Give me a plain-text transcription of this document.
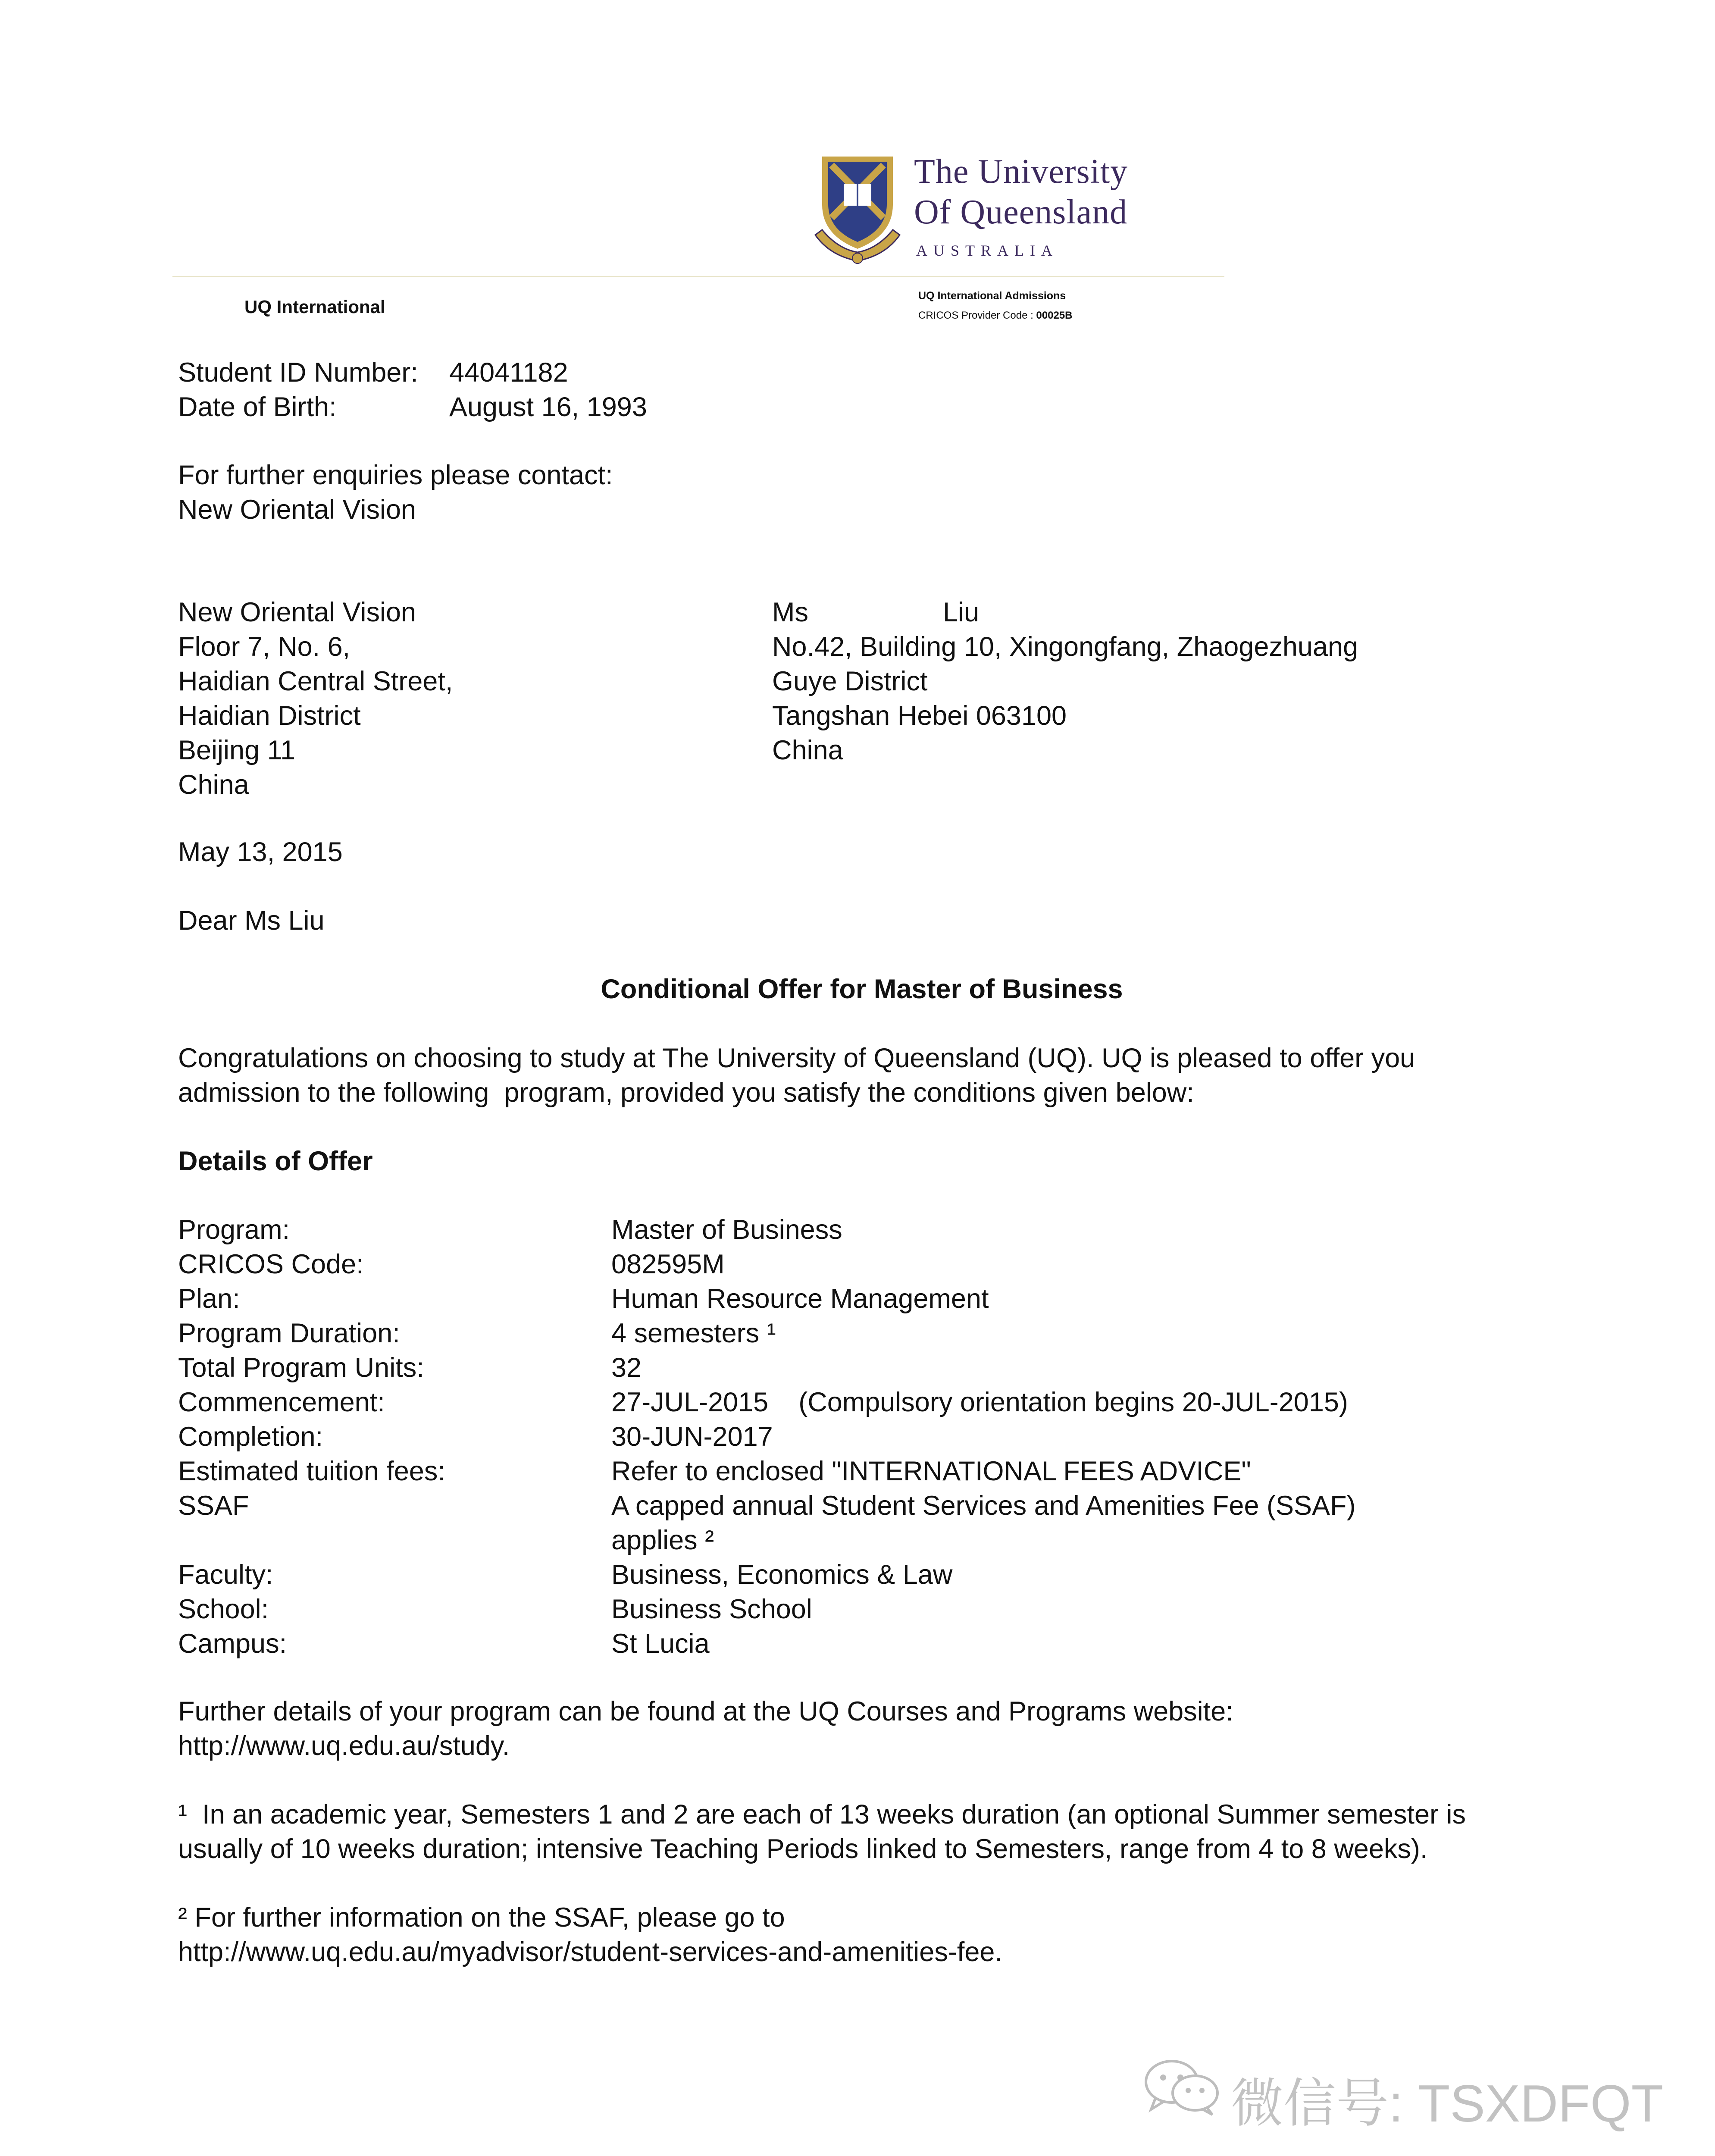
The University
Of Queensland
AUSTRALIA
UQ International
UQ International Admissions
CRICOS Provider Code : 00025B
Student ID Number: 44041182
Date of Birth:	August 16, 1993
For further enquiries please contact:
New Oriental Vision
New Oriental Vision
Floor 7, No. 6,
Haidian Central Street,
Haidian District
Beijing 11
China
Ms	Liu
No.42, Building 10, Xingongfang, Zhaogezhuang
Guye District
Tangshan Hebei 063100
China
May 13, 2015
Dear Ms Liu
Conditional Offer for Master of Business
Congratulations on choosing to study at The University of Queensland (UQ). UQ is pleased to offer you
admission to the following  program, provided you satisfy the conditions given below:
Details of Offer
Program:	Master of Business
CRICOS Code:	082595M
Plan:	Human Resource Management
Program Duration:	4 semesters ¹
Total Program Units:	32
Commencement:	27-JUL-2015    (Compulsory orientation begins 20-JUL-2015)
Completion:	30-JUN-2017
Estimated tuition fees:	Refer to enclosed "INTERNATIONAL FEES ADVICE"
SSAF	A capped annual Student Services and Amenities Fee (SSAF)
applies ²
Faculty:	Business, Economics & Law
School:	Business School
Campus:	St Lucia
Further details of your program can be found at the UQ Courses and Programs website:
http://www.uq.edu.au/study.
¹  In an academic year, Semesters 1 and 2 are each of 13 weeks duration (an optional Summer semester is
usually of 10 weeks duration; intensive Teaching Periods linked to Semesters, range from 4 to 8 weeks).
² For further information on the SSAF, please go to
http://www.uq.edu.au/myadvisor/student-services-and-amenities-fee.
微信号: TSXDFQT
